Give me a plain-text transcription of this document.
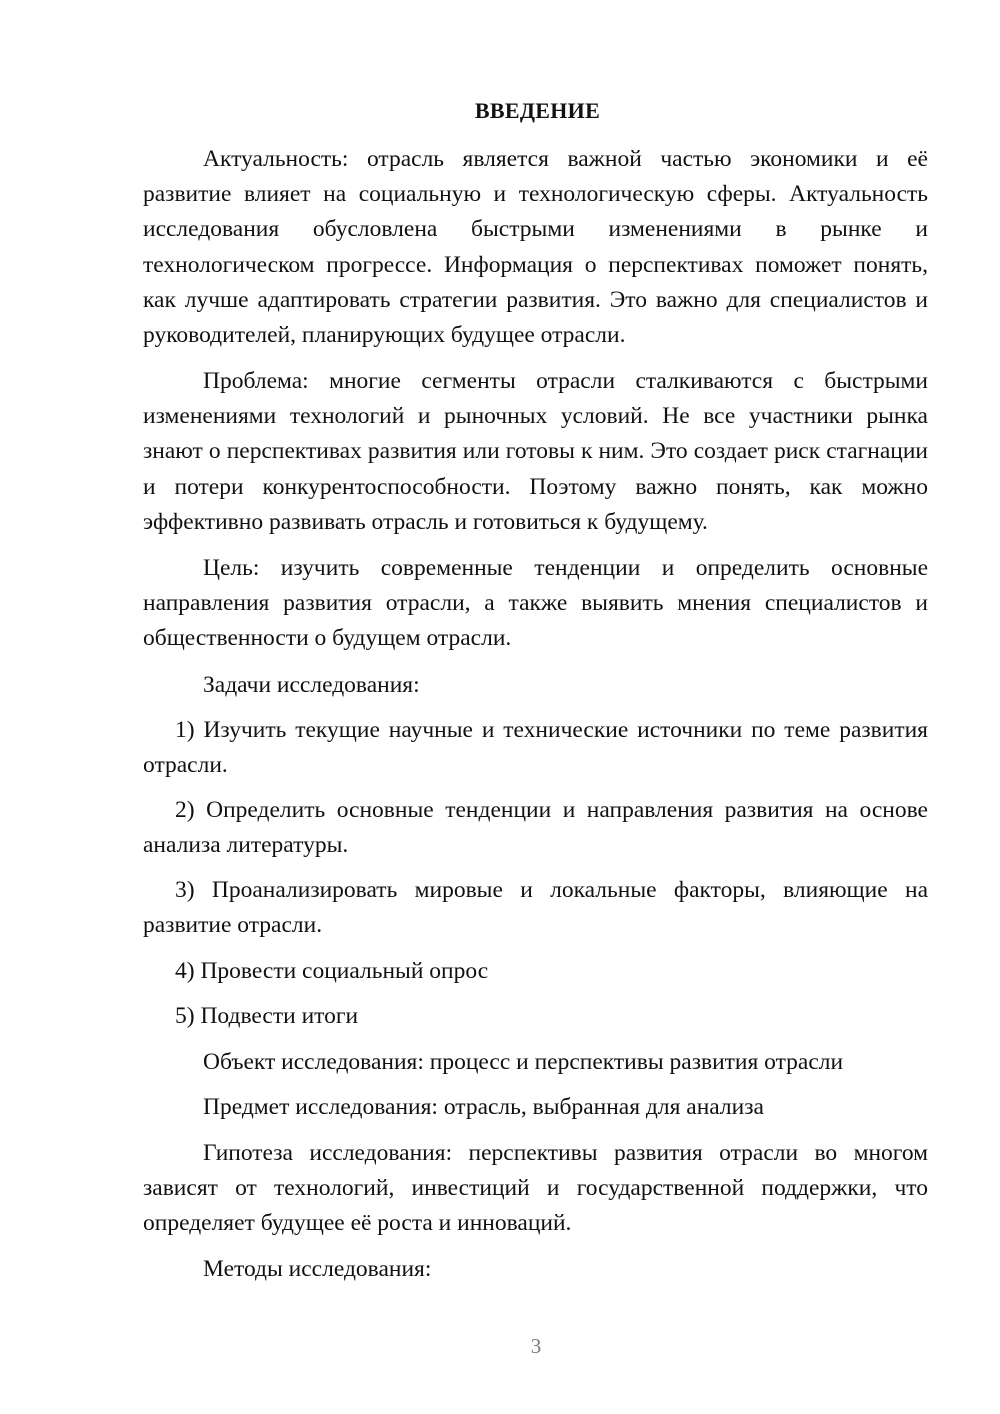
ВВЕДЕНИЕ

Актуальность: отрасль является важной частью экономики и её развитие влияет на социальную и технологическую сферы. Актуальность исследования обусловлена быстрыми изменениями в рынке и технологическом прогрессе. Информация о перспективах поможет понять, как лучше адаптировать стратегии развития. Это важно для специалистов и руководителей, планирующих будущее отрасли.

Проблема: многие сегменты отрасли сталкиваются с быстрыми изменениями технологий и рыночных условий. Не все участники рынка знают о перспективах развития или готовы к ним. Это создает риск стагнации и потери конкурентоспособности. Поэтому важно понять, как можно эффективно развивать отрасль и готовиться к будущему.

Цель: изучить современные тенденции и определить основные направления развития отрасли, а также выявить мнения специалистов и общественности о будущем отрасли.

Задачи исследования:

1) Изучить текущие научные и технические источники по теме развития отрасли.

2) Определить основные тенденции и направления развития на основе анализа литературы.

3) Проанализировать мировые и локальные факторы, влияющие на развитие отрасли.

4) Провести социальный опрос

5) Подвести итоги

Объект исследования: процесс и перспективы развития отрасли

Предмет исследования: отрасль, выбранная для анализа

Гипотеза исследования: перспективы развития отрасли во многом зависят от технологий, инвестиций и государственной поддержки, что определяет будущее её роста и инноваций.

Методы исследования:

3
